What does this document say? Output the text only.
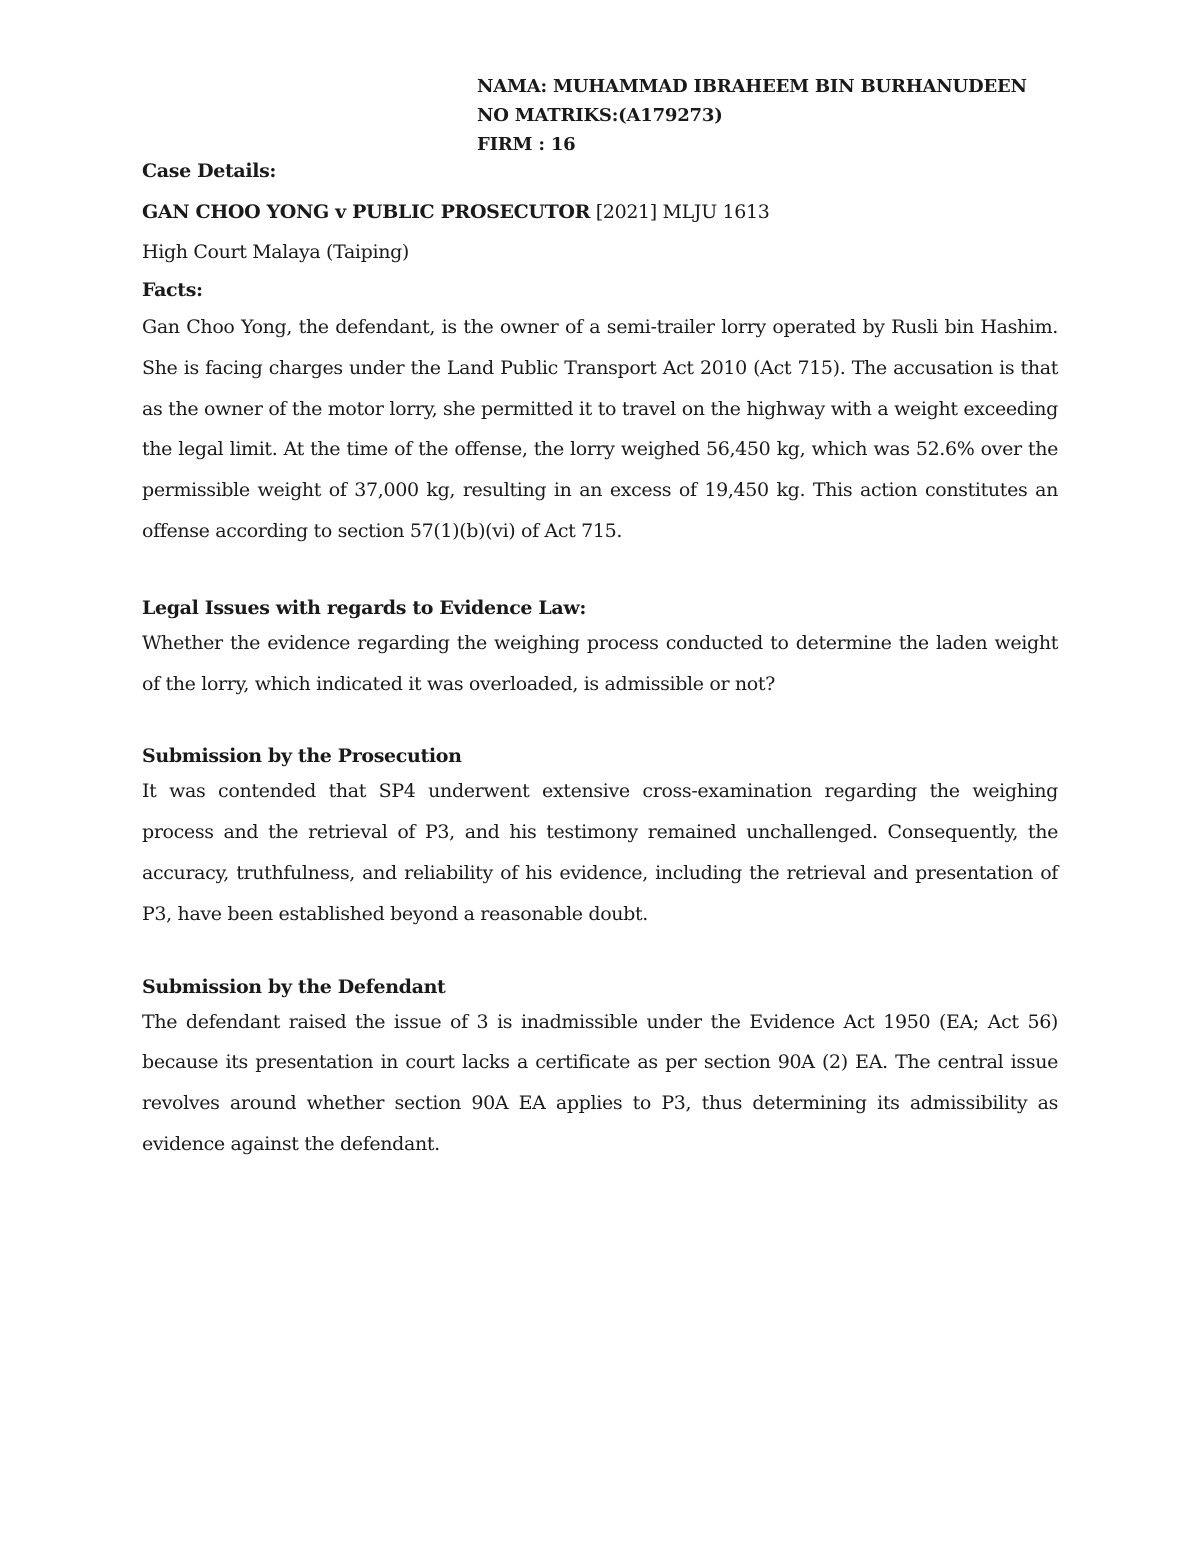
NAMA: MUHAMMAD IBRAHEEM BIN BURHANUDEEN
NO MATRIKS:(A179273)
FIRM : 16

Case Details:

GAN CHOO YONG v PUBLIC PROSECUTOR [2021] MLJU 1613

High Court Malaya (Taiping)

Facts:

Gan Choo Yong, the defendant, is the owner of a semi-trailer lorry operated by Rusli bin Hashim. She is facing charges under the Land Public Transport Act 2010 (Act 715). The accusation is that as the owner of the motor lorry, she permitted it to travel on the highway with a weight exceeding the legal limit. At the time of the offense, the lorry weighed 56,450 kg, which was 52.6% over the permissible weight of 37,000 kg, resulting in an excess of 19,450 kg. This action constitutes an offense according to section 57(1)(b)(vi) of Act 715.

Legal Issues with regards to Evidence Law:

Whether the evidence regarding the weighing process conducted to determine the laden weight of the lorry, which indicated it was overloaded, is admissible or not?

Submission by the Prosecution

It was contended that SP4 underwent extensive cross-examination regarding the weighing process and the retrieval of P3, and his testimony remained unchallenged. Consequently, the accuracy, truthfulness, and reliability of his evidence, including the retrieval and presentation of P3, have been established beyond a reasonable doubt.

Submission by the Defendant

The defendant raised the issue of 3 is inadmissible under the Evidence Act 1950 (EA; Act 56) because its presentation in court lacks a certificate as per section 90A (2) EA. The central issue revolves around whether section 90A EA applies to P3, thus determining its admissibility as evidence against the defendant.
